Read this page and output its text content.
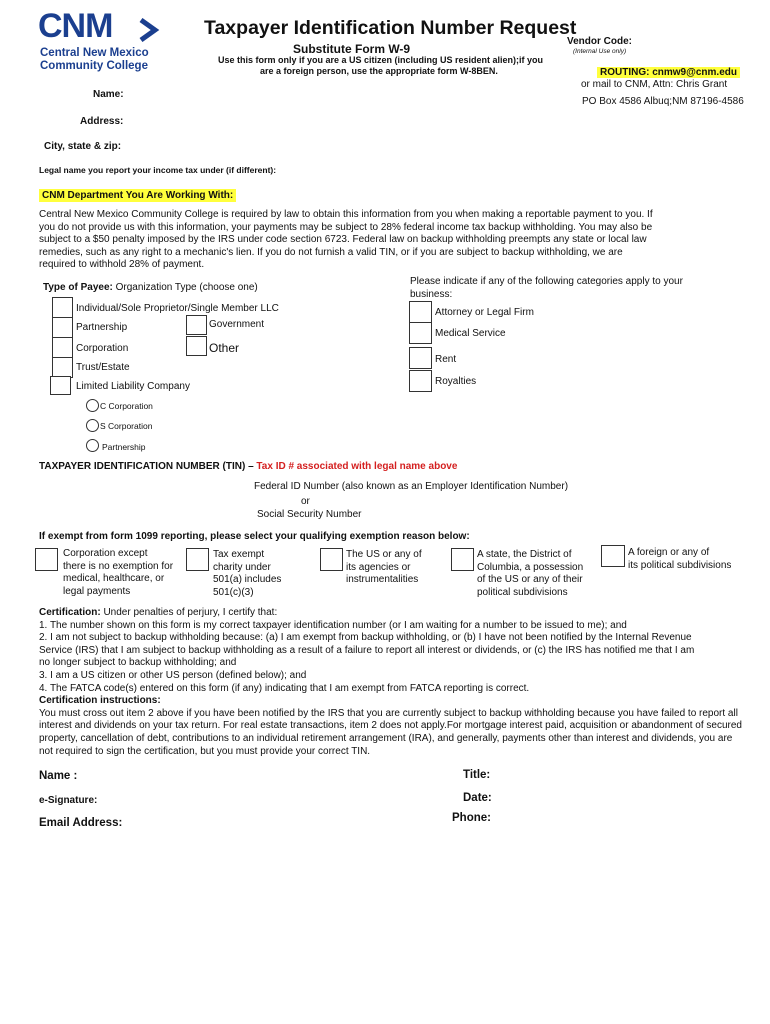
CNM
Central New Mexico
Community College
Taxpayer Identification Number Request
Substitute Form W-9
Use this form only if you are a US citizen (including US resident alien);if you
are a foreign person, use the appropriate form W-8BEN.
Vendor Code:
(Internal Use only)
ROUTING: cnmw9@cnm.edu
or mail to CNM, Attn: Chris Grant
PO Box 4586 Albuq;NM 87196-4586
Name:
Address:
City, state & zip:
Legal name you report your income tax under (if different):
CNM Department You Are Working With:
Central New Mexico Community College is required by law to obtain this information from you when making a reportable payment to you. If
you do not provide us with this information, your payments may be subject to 28% federal income tax backup withholding. You may also be
subject to a $50 penalty imposed by the IRS under code section 6723. Federal law on backup withholding preempts any state or local law
remedies, such as any right to a mechanic's lien. If you do not furnish a valid TIN, or if you are subject to backup withholding, we are
required to withhold 28% of payment.
Type of Payee: Organization Type (choose one)
Individual/Sole Proprietor/Single Member LLC
Partnership	Government
Corporation	Other
Trust/Estate
Limited Liability Company
C Corporation
S Corporation
Partnership
Please indicate if any of the following categories apply to your
business:
Attorney or Legal Firm
Medical Service
Rent
Royalties
TAXPAYER IDENTIFICATION NUMBER (TIN) – Tax ID # associated with legal name above
Federal ID Number (also known as an Employer Identification Number)
or
Social Security Number
If exempt from form 1099 reporting, please select your qualifying exemption reason below:
Corporation except
there is no exemption for
medical, healthcare, or
legal payments
Tax exempt
charity under
501(a) includes
501(c)(3)
The US or any of
its agencies or
instrumentalities
A state, the District of
Columbia, a possession
of the US or any of their
political subdivisions
A foreign or any of
its political subdivisions
Certification: Under penalties of perjury, I certify that:
1. The number shown on this form is my correct taxpayer identification number (or I am waiting for a number to be issued to me); and
2. I am not subject to backup withholding because: (a) I am exempt from backup withholding, or (b) I have not been notified by the Internal Revenue
Service (IRS) that I am subject to backup withholding as a result of a failure to report all interest or dividends, or (c) the IRS has notified me that I am
no longer subject to backup withholding; and
3. I am a US citizen or other US person (defined below); and
4. The FATCA code(s) entered on this form (if any) indicating that I am exempt from FATCA reporting is correct.
Certification instructions:
You must cross out item 2 above if you have been notified by the IRS that you are currently subject to backup withholding because you have failed to report all
interest and dividends on your tax return. For real estate transactions, item 2 does not apply.For mortgage interest paid, acquisition or abandonment of secured
property, cancellation of debt, contributions to an individual retirement arrangement (IRA), and generally, payments other than interest and dividends, you are
not required to sign the certification, but you must provide your correct TIN.
Name :	Title:
e-Signature:	Date:
Email Address:	Phone:
